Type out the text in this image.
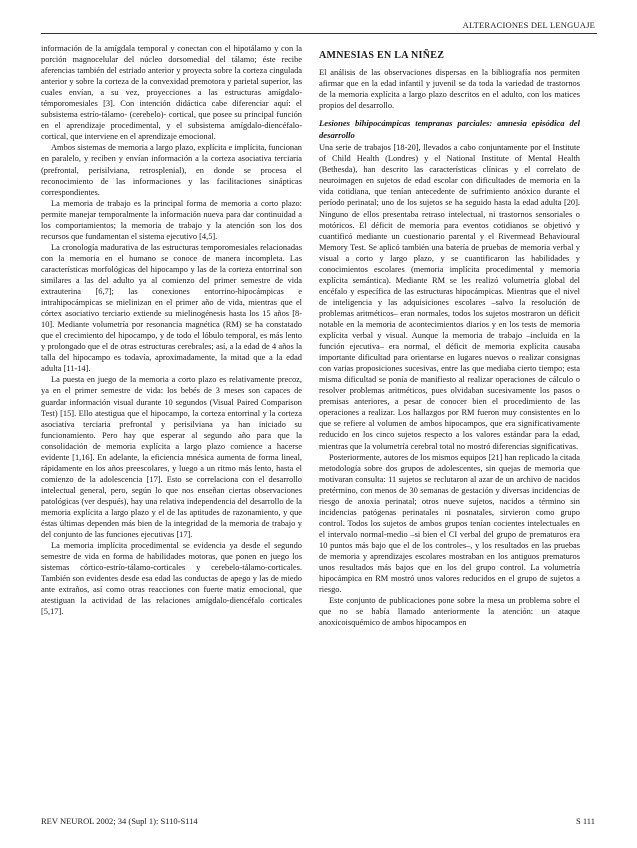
ALTERACIONES DEL LENGUAJE

información de la amígdala temporal y conectan con el hipotálamo y con la porción magnocelular del núcleo dorsomedial del tálamo; éste recibe aferencias también del estriado anterior y proyecta sobre la corteza cingulada anterior y sobre la corteza de la convexidad premotora y parietal superior, las cuales envían, a su vez, proyecciones a las estructuras amígdalo-témporomesiales [3]. Con intención didáctica cabe diferenciar aquí: el subsistema estrío-tálamo- (cerebelo)- cortical, que posee su principal función en el aprendizaje procedimental, y el subsistema amígdalo-diencéfalo-cortical, que interviene en el aprendizaje emocional.

Ambos sistemas de memoria a largo plazo, explícita e implícita, funcionan en paralelo, y reciben y envían información a la corteza asociativa terciaria (prefrontal, perisilviana, retrosplenial), en donde se procesa el reconocimiento de las informaciones y las facilitaciones sinápticas correspondientes.

La memoria de trabajo es la principal forma de memoria a corto plazo: permite manejar temporalmente la información nueva para dar continuidad a los comportamientos; la memoria de trabajo y la atención son los dos recursos que fundamentan el sistema ejecutivo [4,5].

La cronología madurativa de las estructuras temporomesiales relacionadas con la memoria en el humano se conoce de manera incompleta. Las características morfológicas del hipocampo y las de la corteza entorrinal son similares a las del adulto ya al comienzo del primer semestre de vida extrauterina [6,7]; las conexiones entorrino-hipocámpicas e intrahipocámpicas se mielinizan en el primer año de vida, mientras que el córtex asociativo terciario extiende su mielinogénesis hasta los 15 años [8-10]. Mediante volumetría por resonancia magnética (RM) se ha constatado que el crecimiento del hipocampo, y de todo el lóbulo temporal, es más lento y prolongado que el de otras estructuras cerebrales; así, a la edad de 4 años la talla del hipocampo es todavía, aproximadamente, la mitad que a la edad adulta [11-14].

La puesta en juego de la memoria a corto plazo es relativamente precoz, ya en el primer semestre de vida: los bebés de 3 meses son capaces de guardar información visual durante 10 segundos (Visual Paired Comparison Test) [15]. Ello atestigua que el hipocampo, la corteza entorrinal y la corteza asociativa terciaria prefrontal y perisilviana ya han iniciado su funcionamiento. Pero hay que esperar al segundo año para que la consolidación de memoria explícita a largo plazo comience a hacerse evidente [1,16]. En adelante, la eficiencia mnésica aumenta de forma lineal, rápidamente en los años preescolares, y luego a un ritmo más lento, hasta el comienzo de la adolescencia [17]. Esto se correlaciona con el desarrollo intelectual general, pero, según lo que nos enseñan ciertas observaciones patológicas (ver después), hay una relativa independencia del desarrollo de la memoria explícita a largo plazo y el de las aptitudes de razonamiento, y que éstas últimas dependen más bien de la integridad de la memoria de trabajo y del conjunto de las funciones ejecutivas [17].

La memoria implícita procedimental se evidencia ya desde el segundo semestre de vida en forma de habilidades motoras, que ponen en juego los sistemas córtico-estrío-tálamo-corticales y cerebelo-tálamo-corticales. También son evidentes desde esa edad las conductas de apego y las de miedo ante extraños, así como otras reacciones con fuerte matiz emocional, que atestiguan la actividad de las relaciones amígdalo-diencéfalo corticales [5,17].

AMNESIAS EN LA NIÑEZ

El análisis de las observaciones dispersas en la bibliografía nos permiten afirmar que en la edad infantil y juvenil se da toda la variedad de trastornos de la memoria explícita a largo plazo descritos en el adulto, con los matices propios del desarrollo.

Lesiones bihipocámpicas tempranas parciales: amnesia episódica del desarrollo

Una serie de trabajos [18-20], llevados a cabo conjuntamente por el Institute of Child Health (Londres) y el National Institute of Mental Health (Bethesda), han descrito las características clínicas y el correlato de neuroimagen en sujetos de edad escolar con dificultades de memoria en la vida cotidiana, que tenían antecedente de sufrimiento anóxico durante el período perinatal; uno de los sujetos se ha seguido hasta la edad adulta [20]. Ninguno de ellos presentaba retraso intelectual, ni trastornos sensoriales o motóricos. El déficit de memoria para eventos cotidianos se objetivó y cuantificó mediante un cuestionario parental y el Rivermead Behavioural Memory Test. Se aplicó también una batería de pruebas de memoria verbal y visual a corto y largo plazo, y se cuantificaron las habilidades y conocimientos escolares (memoria implícita procedimental y memoria explícita semántica). Mediante RM se les realizó volumetría global del encéfalo y específica de las estructuras hipocámpicas. Mientras que el nivel de inteligencia y las adquisiciones escolares –salvo la resolución de problemas aritméticos– eran normales, todos los sujetos mostraron un déficit notable en la memoria de acontecimientos diarios y en los tests de memoria explícita verbal y visual. Aunque la memoria de trabajo –incluida en la función ejecutiva– era normal, el déficit de memoria explícita causaba importante dificultad para orientarse en lugares nuevos o realizar consignas con varias proposiciones sucesivas, entre las que mediaba cierto tiempo; esta misma dificultad se ponía de manifiesto al realizar operaciones de cálculo o resolver problemas aritméticos, pues olvidaban sucesivamente los pasos o premisas anteriores, a pesar de conocer bien el procedimiento de las operaciones a realizar. Los hallazgos por RM fueron muy consistentes en lo que se refiere al volumen de ambos hipocampos, que era significativamente reducido en los cinco sujetos respecto a los valores estándar para la edad, mientras que la volumetría cerebral total no mostró diferencias significativas.

Posteriormente, autores de los mismos equipos [21] han replicado la citada metodología sobre dos grupos de adolescentes, sin quejas de memoria que motivaran consulta: 11 sujetos se reclutaron al azar de un archivo de nacidos pretérmino, con menos de 30 semanas de gestación y diversas incidencias de riesgo de anoxia perinatal; otros nueve sujetos, nacidos a término sin incidencias patógenas perinatales ni posnatales, sirvieron como grupo control. Todos los sujetos de ambos grupos tenían cocientes intelectuales en el intervalo normal-medio –si bien el CI verbal del grupo de prematuros era 10 puntos más bajo que el de los controles–, y los resultados en las pruebas de memoria y aprendizajes escolares mostraban en los antiguos prematuros unos resultados más bajos que en los del grupo control. La volumetría hipocámpica en RM mostró unos valores reducidos en el grupo de sujetos a riesgo.

Este conjunto de publicaciones pone sobre la mesa un problema sobre el que no se había llamado anteriormente la atención: un ataque anoxicoisquémico de ambos hipocampos en

REV NEUROL 2002; 34 (Supl 1): S110-S114	S 111
